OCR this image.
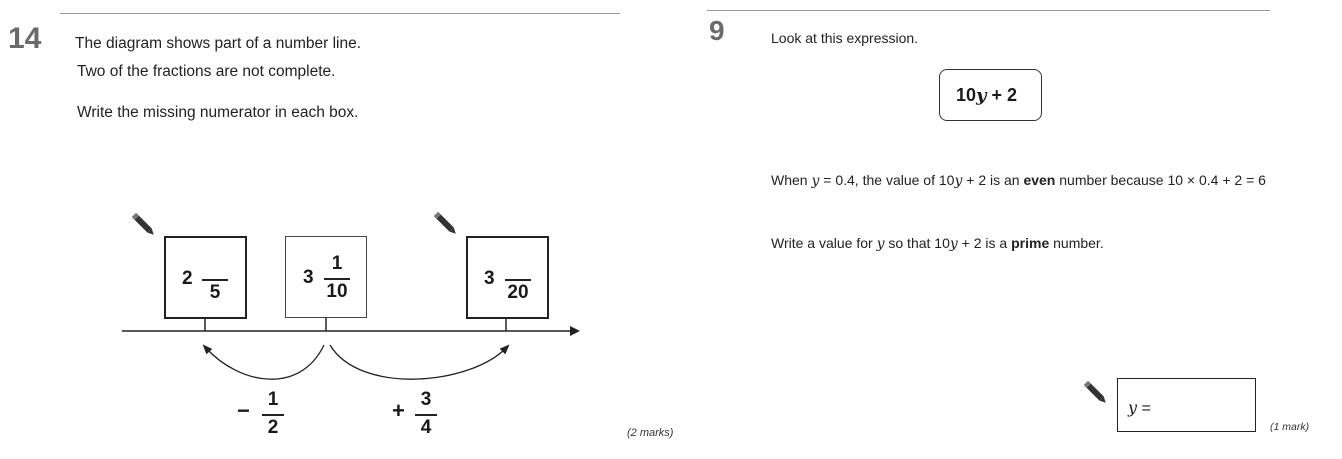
14 The diagram shows part of a number line.
Two of the fractions are not complete.
Write the missing numerator in each box.
2
5
3
1
10
3
20
− 1
2
+ 3
4	(2 marks)
9	Look at this expression.
10y + 2
When y = 0.4, the value of 10y + 2 is an even number because 10 × 0.4 + 2 = 6
Write a value for y so that 10y + 2 is a prime number.
y =
(1 mark)
